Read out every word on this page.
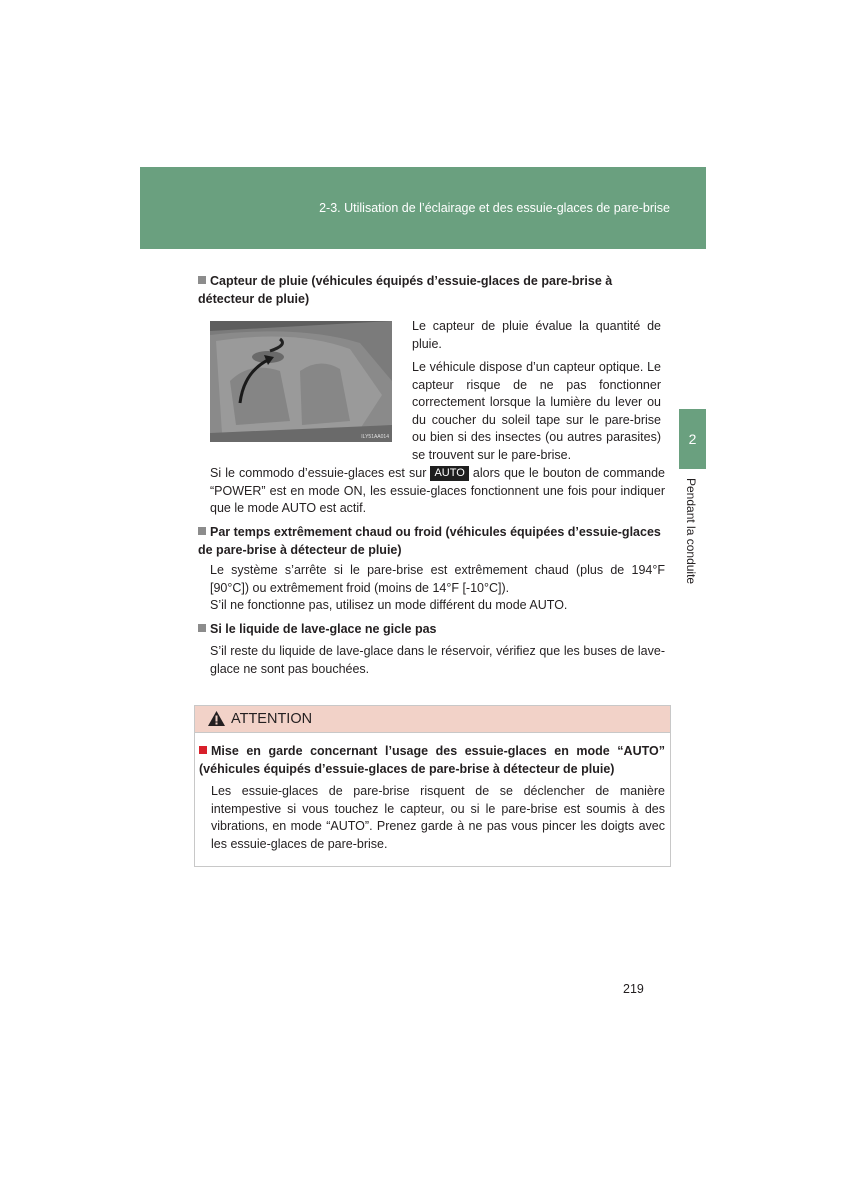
2-3. Utilisation de l’éclairage et des essuie-glaces de pare-brise
2
Pendant la conduite
Capteur de pluie (véhicules équipés d’essuie-glaces de pare-brise à détecteur de pluie)
ILY51AA014
Le capteur de pluie évalue la quantité de pluie.
Le véhicule dispose d’un capteur optique. Le capteur risque de ne pas fonctionner correctement lorsque la lumière du lever ou du coucher du soleil tape sur le pare-brise ou bien si des insectes (ou autres parasites) se trouvent sur le pare-brise.
Si le commodo d’essuie-glaces est sur AUTO alors que le bouton de commande “POWER” est en mode ON, les essuie-glaces fonctionnent une fois pour indiquer que le mode AUTO est actif.
Par temps extrêmement chaud ou froid (véhicules équipées d’essuie-glaces de pare-brise à détecteur de pluie)
Le système s’arrête si le pare-brise est extrêmement chaud (plus de 194°F [90°C]) ou extrêmement froid (moins de 14°F [-10°C]).
S’il ne fonctionne pas, utilisez un mode différent du mode AUTO.
Si le liquide de lave-glace ne gicle pas
S’il reste du liquide de lave-glace dans le réservoir, vérifiez que les buses de lave-glace ne sont pas bouchées.
ATTENTION
Mise en garde concernant l’usage des essuie-glaces en mode “AUTO” (véhicules équipés d’essuie-glaces de pare-brise à détecteur de pluie)
Les essuie-glaces de pare-brise risquent de se déclencher de manière intempestive si vous touchez le capteur, ou si le pare-brise est soumis à des vibrations, en mode “AUTO”. Prenez garde à ne pas vous pincer les doigts avec les essuie-glaces de pare-brise.
219
